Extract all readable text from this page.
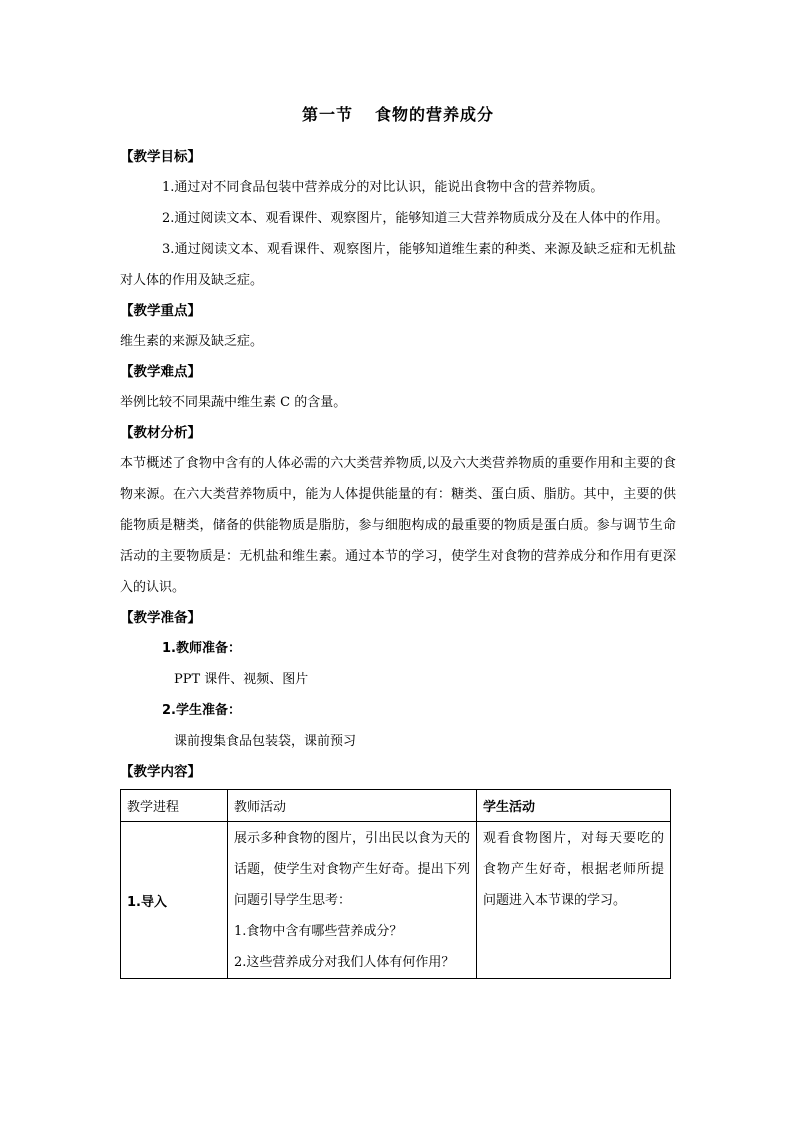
第一节 食物的营养成分

【教学目标】

1.通过对不同食品包装中营养成分的对比认识，能说出食物中含的营养物质。

2.通过阅读文本、观看课件、观察图片，能够知道三大营养物质成分及在人体中的作用。

3.通过阅读文本、观看课件、观察图片，能够知道维生素的种类、来源及缺乏症和无机盐对人体的作用及缺乏症。

【教学重点】

维生素的来源及缺乏症。

【教学难点】

举例比较不同果蔬中维生素 C 的含量。

【教材分析】

本节概述了食物中含有的人体必需的六大类营养物质,以及六大类营养物质的重要作用和主要的食物来源。在六大类营养物质中，能为人体提供能量的有：糖类、蛋白质、脂肪。其中，主要的供能物质是糖类，储备的供能物质是脂肪，参与细胞构成的最重要的物质是蛋白质。参与调节生命活动的主要物质是：无机盐和维生素。通过本节的学习，使学生对食物的营养成分和作用有更深入的认识。

【教学准备】

1.教师准备：

PPT 课件、视频、图片

2.学生准备：

课前搜集食品包装袋，课前预习

【教学内容】

教学进程	教师活动	学生活动
1.导入	展示多种食物的图片，引出民以食为天的话题，使学生对食物产生好奇。提出下列问题引导学生思考：
1.食物中含有哪些营养成分？
2.这些营养成分对我们人体有何作用？	观看食物图片，对每天要吃的食物产生好奇，根据老师所提问题进入本节课的学习。
